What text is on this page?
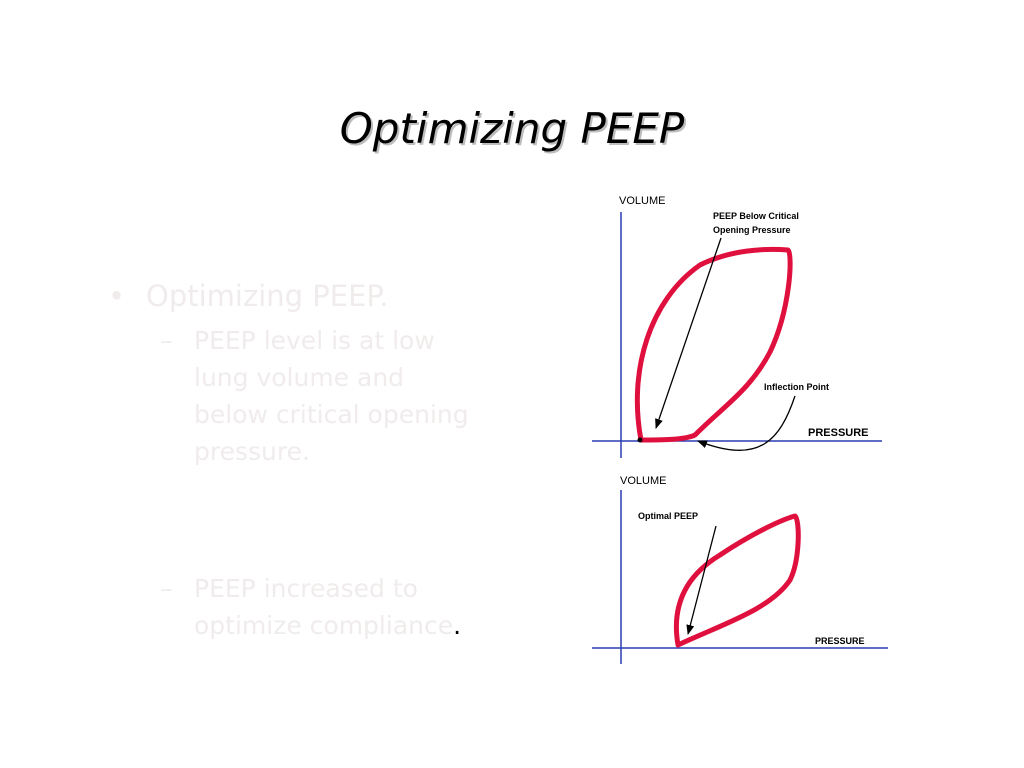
Optimizing PEEP
• Optimizing PEEP.
– PEEP level is at low lung volume and below critical opening pressure.
– PEEP increased to optimize compliance.
VOLUME
PRESSURE
PEEP Below Critical
Opening Pressure
Inflection Point
VOLUME
PRESSURE
Optimal PEEP
